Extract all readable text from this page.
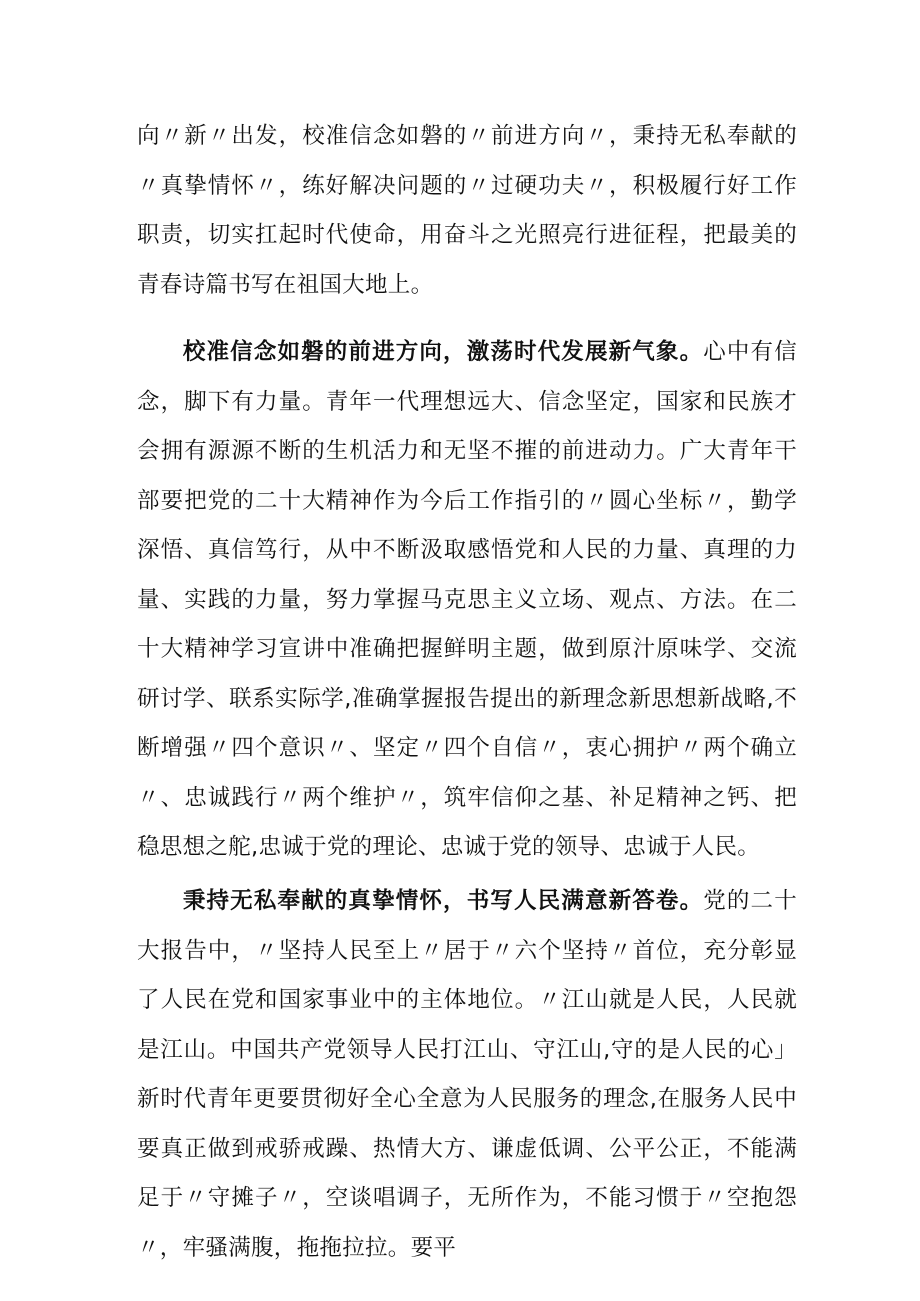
向〃新〃出发，校准信念如磐的〃前进方向〃，秉持无私奉献的〃真挚情怀〃，练好解决问题的〃过硬功夫〃，积极履行好工作职责，切实扛起时代使命，用奋斗之光照亮行进征程，把最美的青春诗篇书写在祖国大地上。

校准信念如磐的前进方向，激荡时代发展新气象。心中有信念，脚下有力量。青年一代理想远大、信念坚定，国家和民族才会拥有源源不断的生机活力和无坚不摧的前进动力。广大青年干部要把党的二十大精神作为今后工作指引的〃圆心坐标〃，勤学深悟、真信笃行，从中不断汲取感悟党和人民的力量、真理的力量、实践的力量，努力掌握马克思主义立场、观点、方法。在二十大精神学习宣讲中准确把握鲜明主题，做到原汁原味学、交流研讨学、联系实际学,准确掌握报告提出的新理念新思想新战略,不断增强〃四个意识〃、坚定〃四个自信〃，衷心拥护〃两个确立〃、忠诚践行〃两个维护〃，筑牢信仰之基、补足精神之钙、把稳思想之舵,忠诚于党的理论、忠诚于党的领导、忠诚于人民。

秉持无私奉献的真挚情怀，书写人民满意新答卷。党的二十大报告中，〃坚持人民至上〃居于〃六个坚持〃首位，充分彰显了人民在党和国家事业中的主体地位。〃江山就是人民，人民就是江山。中国共产党领导人民打江山、守江山,守的是人民的心」新时代青年更要贯彻好全心全意为人民服务的理念,在服务人民中要真正做到戒骄戒躁、热情大方、谦虚低调、公平公正，不能满足于〃守摊子〃，空谈唱调子，无所作为，不能习惯于〃空抱怨〃，牢骚满腹，拖拖拉拉。要平
